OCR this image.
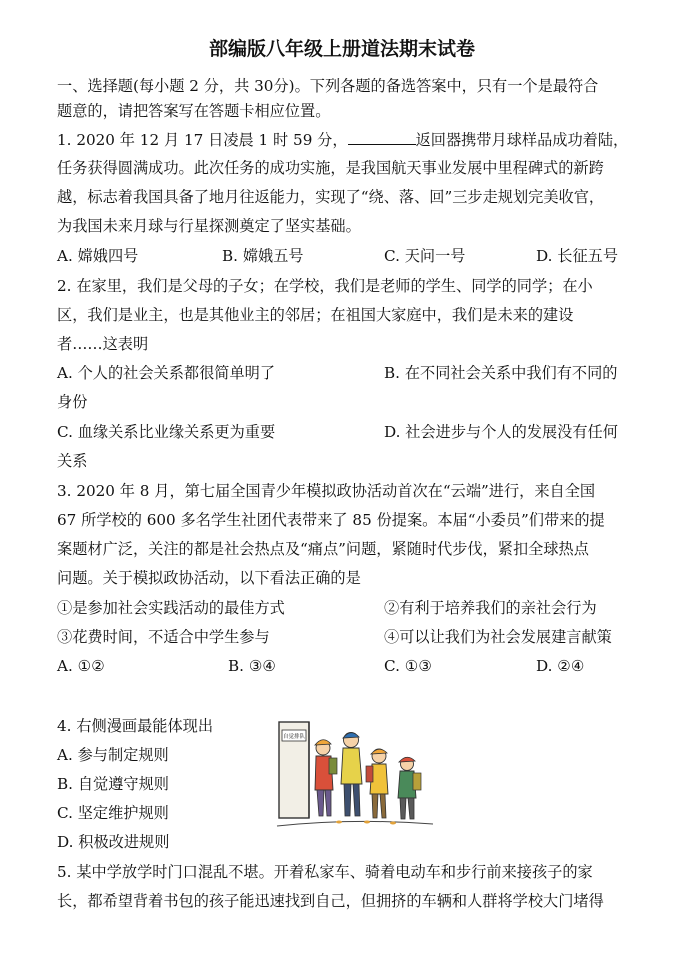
部编版八年级上册道法期末试卷
一、选择题(每小题 2 分，共 30分)。下列各题的备选答案中，只有一个是最符合
题意的，请把答案写在答题卡相应位置。
1. 2020 年 12 月 17 日凌晨 1 时 59 分，	返回器携带月球样品成功着陆，
任务获得圆满成功。此次任务的成功实施，是我国航天事业发展中里程碑式的新跨
越，标志着我国具备了地月往返能力，实现了“绕、落、回”三步走规划完美收官，
为我国未来月球与行星探测奠定了坚实基础。
A. 嫦娥四号	B. 嫦娥五号	C. 天问一号	D. 长征五号
2. 在家里，我们是父母的子女；在学校，我们是老师的学生、同学的同学；在小
区，我们是业主，也是其他业主的邻居；在祖国大家庭中，我们是未来的建设
者……这表明
A. 个人的社会关系都很简单明了	B. 在不同社会关系中我们有不同的
身份
C. 血缘关系比业缘关系更为重要	D. 社会进步与个人的发展没有任何
关系
3. 2020 年 8 月，第七届全国青少年模拟政协活动首次在“云端”进行，来自全国
67 所学校的 600 多名学生社团代表带来了 85 份提案。本届“小委员”们带来的提
案题材广泛，关注的都是社会热点及“痛点”问题，紧随时代步伐，紧扣全球热点
问题。关于模拟政协活动，以下看法正确的是
①是参加社会实践活动的最佳方式	②有利于培养我们的亲社会行为
③花费时间，不适合中学生参与	④可以让我们为社会发展建言献策
A. ①②	B. ③④	C. ①③	D. ②④
4. 右侧漫画最能体现出
A. 参与制定规则
B. 自觉遵守规则
C. 坚定维护规则
D. 积极改进规则
自觉排队
5. 某中学放学时门口混乱不堪。开着私家车、骑着电动车和步行前来接孩子的家
长，都希望背着书包的孩子能迅速找到自己，但拥挤的车辆和人群将学校大门堵得
